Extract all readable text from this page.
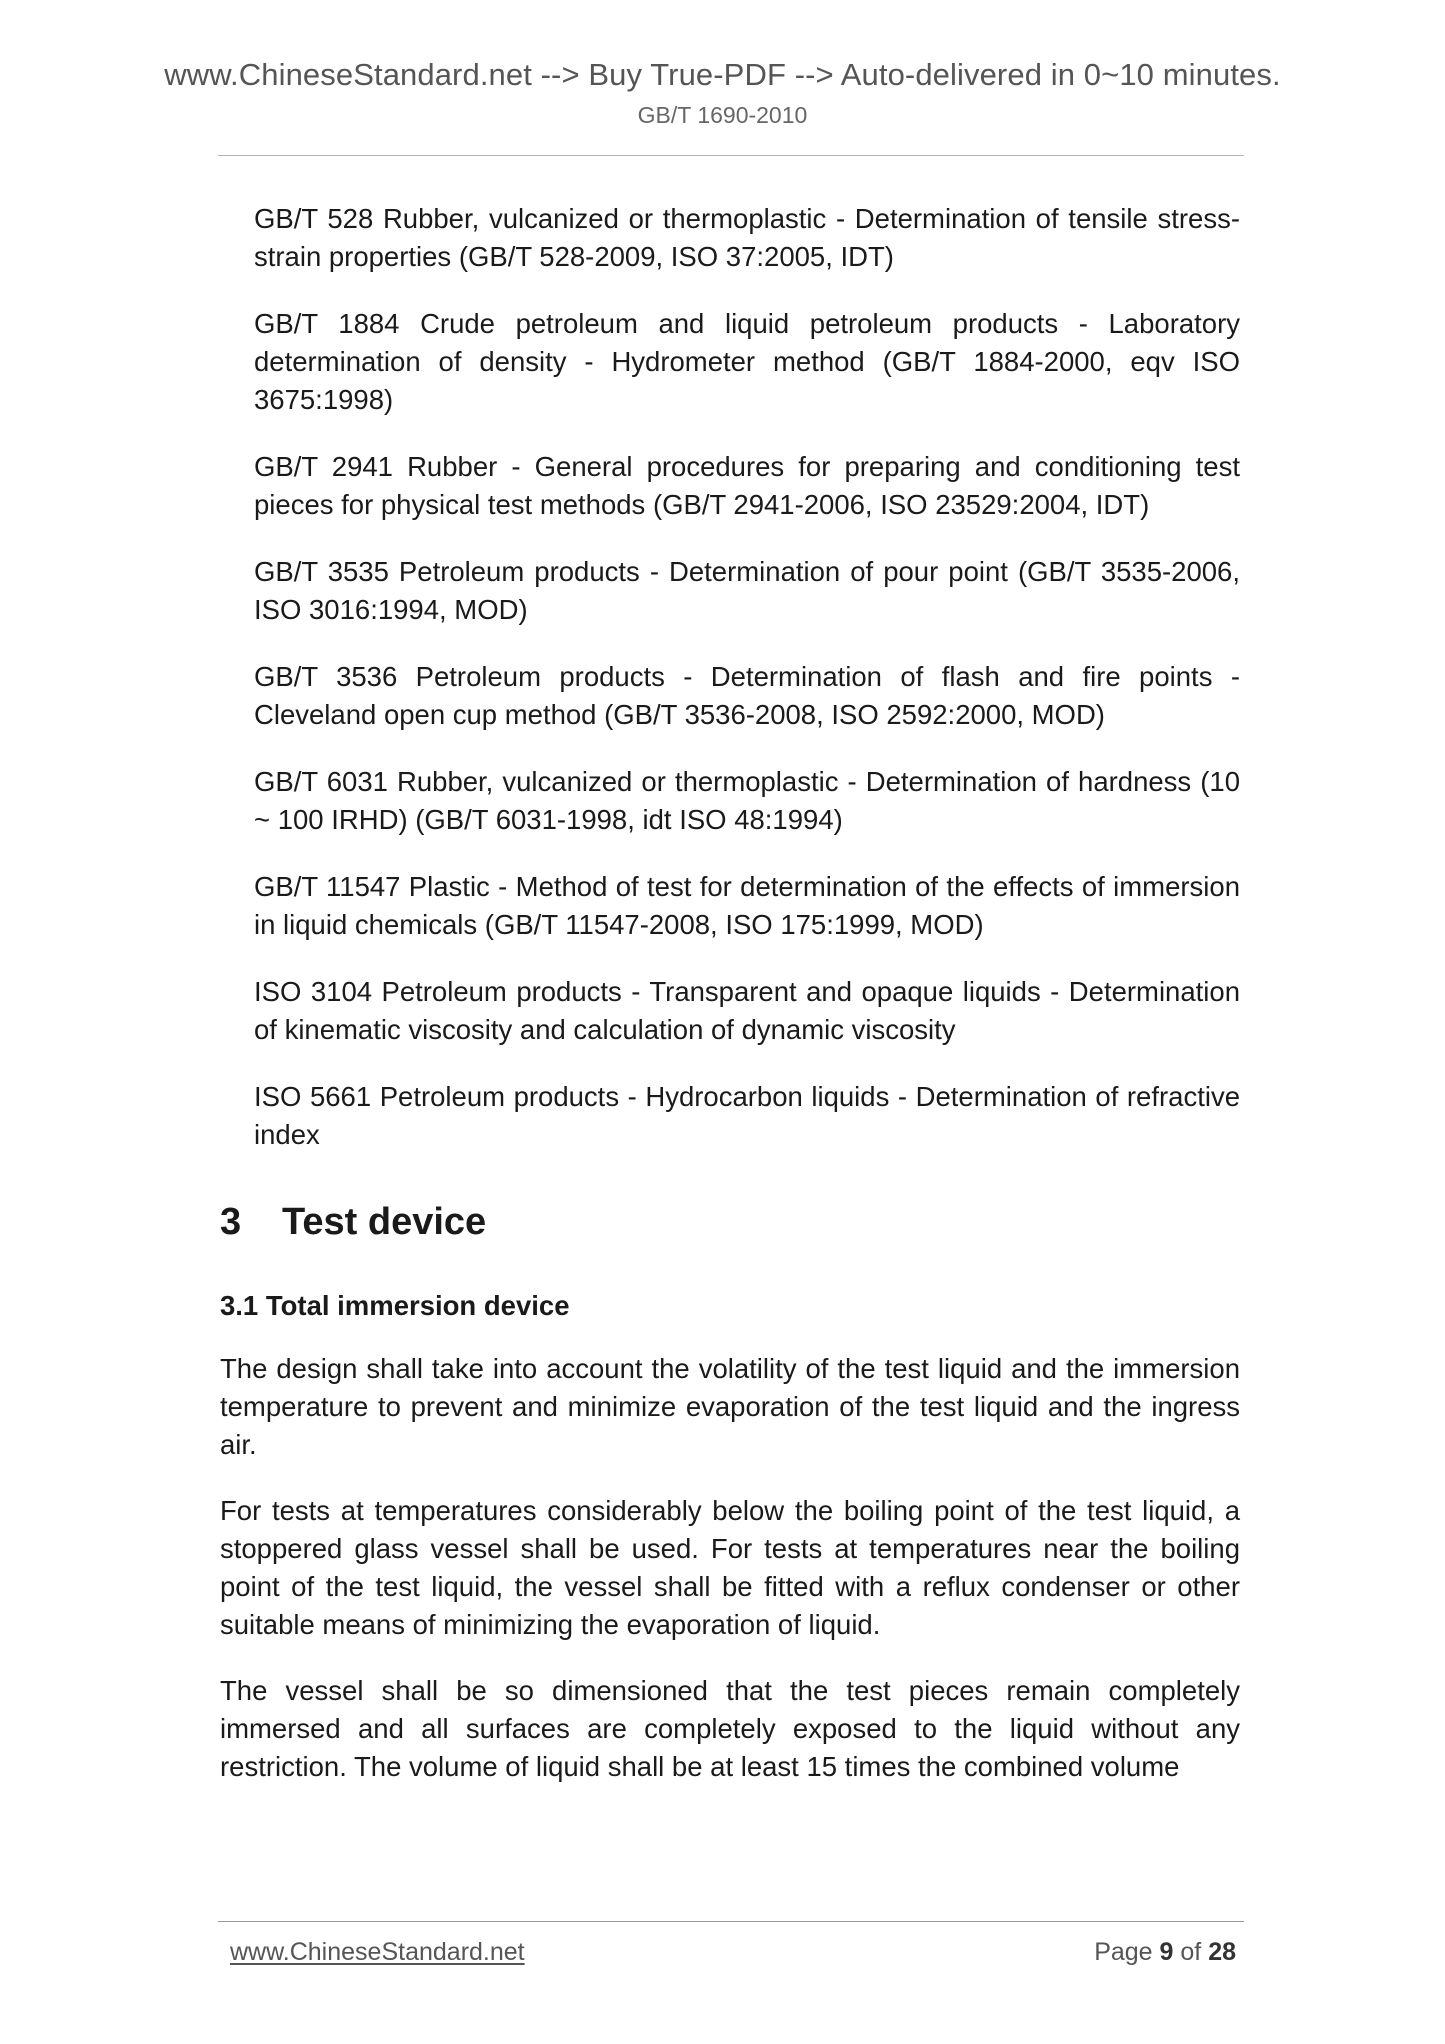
www.ChineseStandard.net --> Buy True-PDF --> Auto-delivered in 0~10 minutes.
GB/T 1690-2010
GB/T 528 Rubber, vulcanized or thermoplastic - Determination of tensile stress-strain properties (GB/T 528-2009, ISO 37:2005, IDT)
GB/T 1884 Crude petroleum and liquid petroleum products - Laboratory determination of density - Hydrometer method (GB/T 1884-2000, eqv ISO 3675:1998)
GB/T 2941 Rubber - General procedures for preparing and conditioning test pieces for physical test methods (GB/T 2941-2006, ISO 23529:2004, IDT)
GB/T 3535 Petroleum products - Determination of pour point (GB/T 3535-2006, ISO 3016:1994, MOD)
GB/T 3536 Petroleum products - Determination of flash and fire points - Cleveland open cup method (GB/T 3536-2008, ISO 2592:2000, MOD)
GB/T 6031 Rubber, vulcanized or thermoplastic - Determination of hardness (10 ~ 100 IRHD) (GB/T 6031-1998, idt ISO 48:1994)
GB/T 11547 Plastic - Method of test for determination of the effects of immersion in liquid chemicals (GB/T 11547-2008, ISO 175:1999, MOD)
ISO 3104 Petroleum products - Transparent and opaque liquids - Determination of kinematic viscosity and calculation of dynamic viscosity
ISO 5661 Petroleum products - Hydrocarbon liquids - Determination of refractive index
3	Test device
3.1 Total immersion device

The design shall take into account the volatility of the test liquid and the immersion temperature to prevent and minimize evaporation of the test liquid and the ingress air.

For tests at temperatures considerably below the boiling point of the test liquid, a stoppered glass vessel shall be used. For tests at temperatures near the boiling point of the test liquid, the vessel shall be fitted with a reflux condenser or other suitable means of minimizing the evaporation of liquid.

The vessel shall be so dimensioned that the test pieces remain completely immersed and all surfaces are completely exposed to the liquid without any restriction. The volume of liquid shall be at least 15 times the combined volume

www.ChineseStandard.net	Page 9 of 28
